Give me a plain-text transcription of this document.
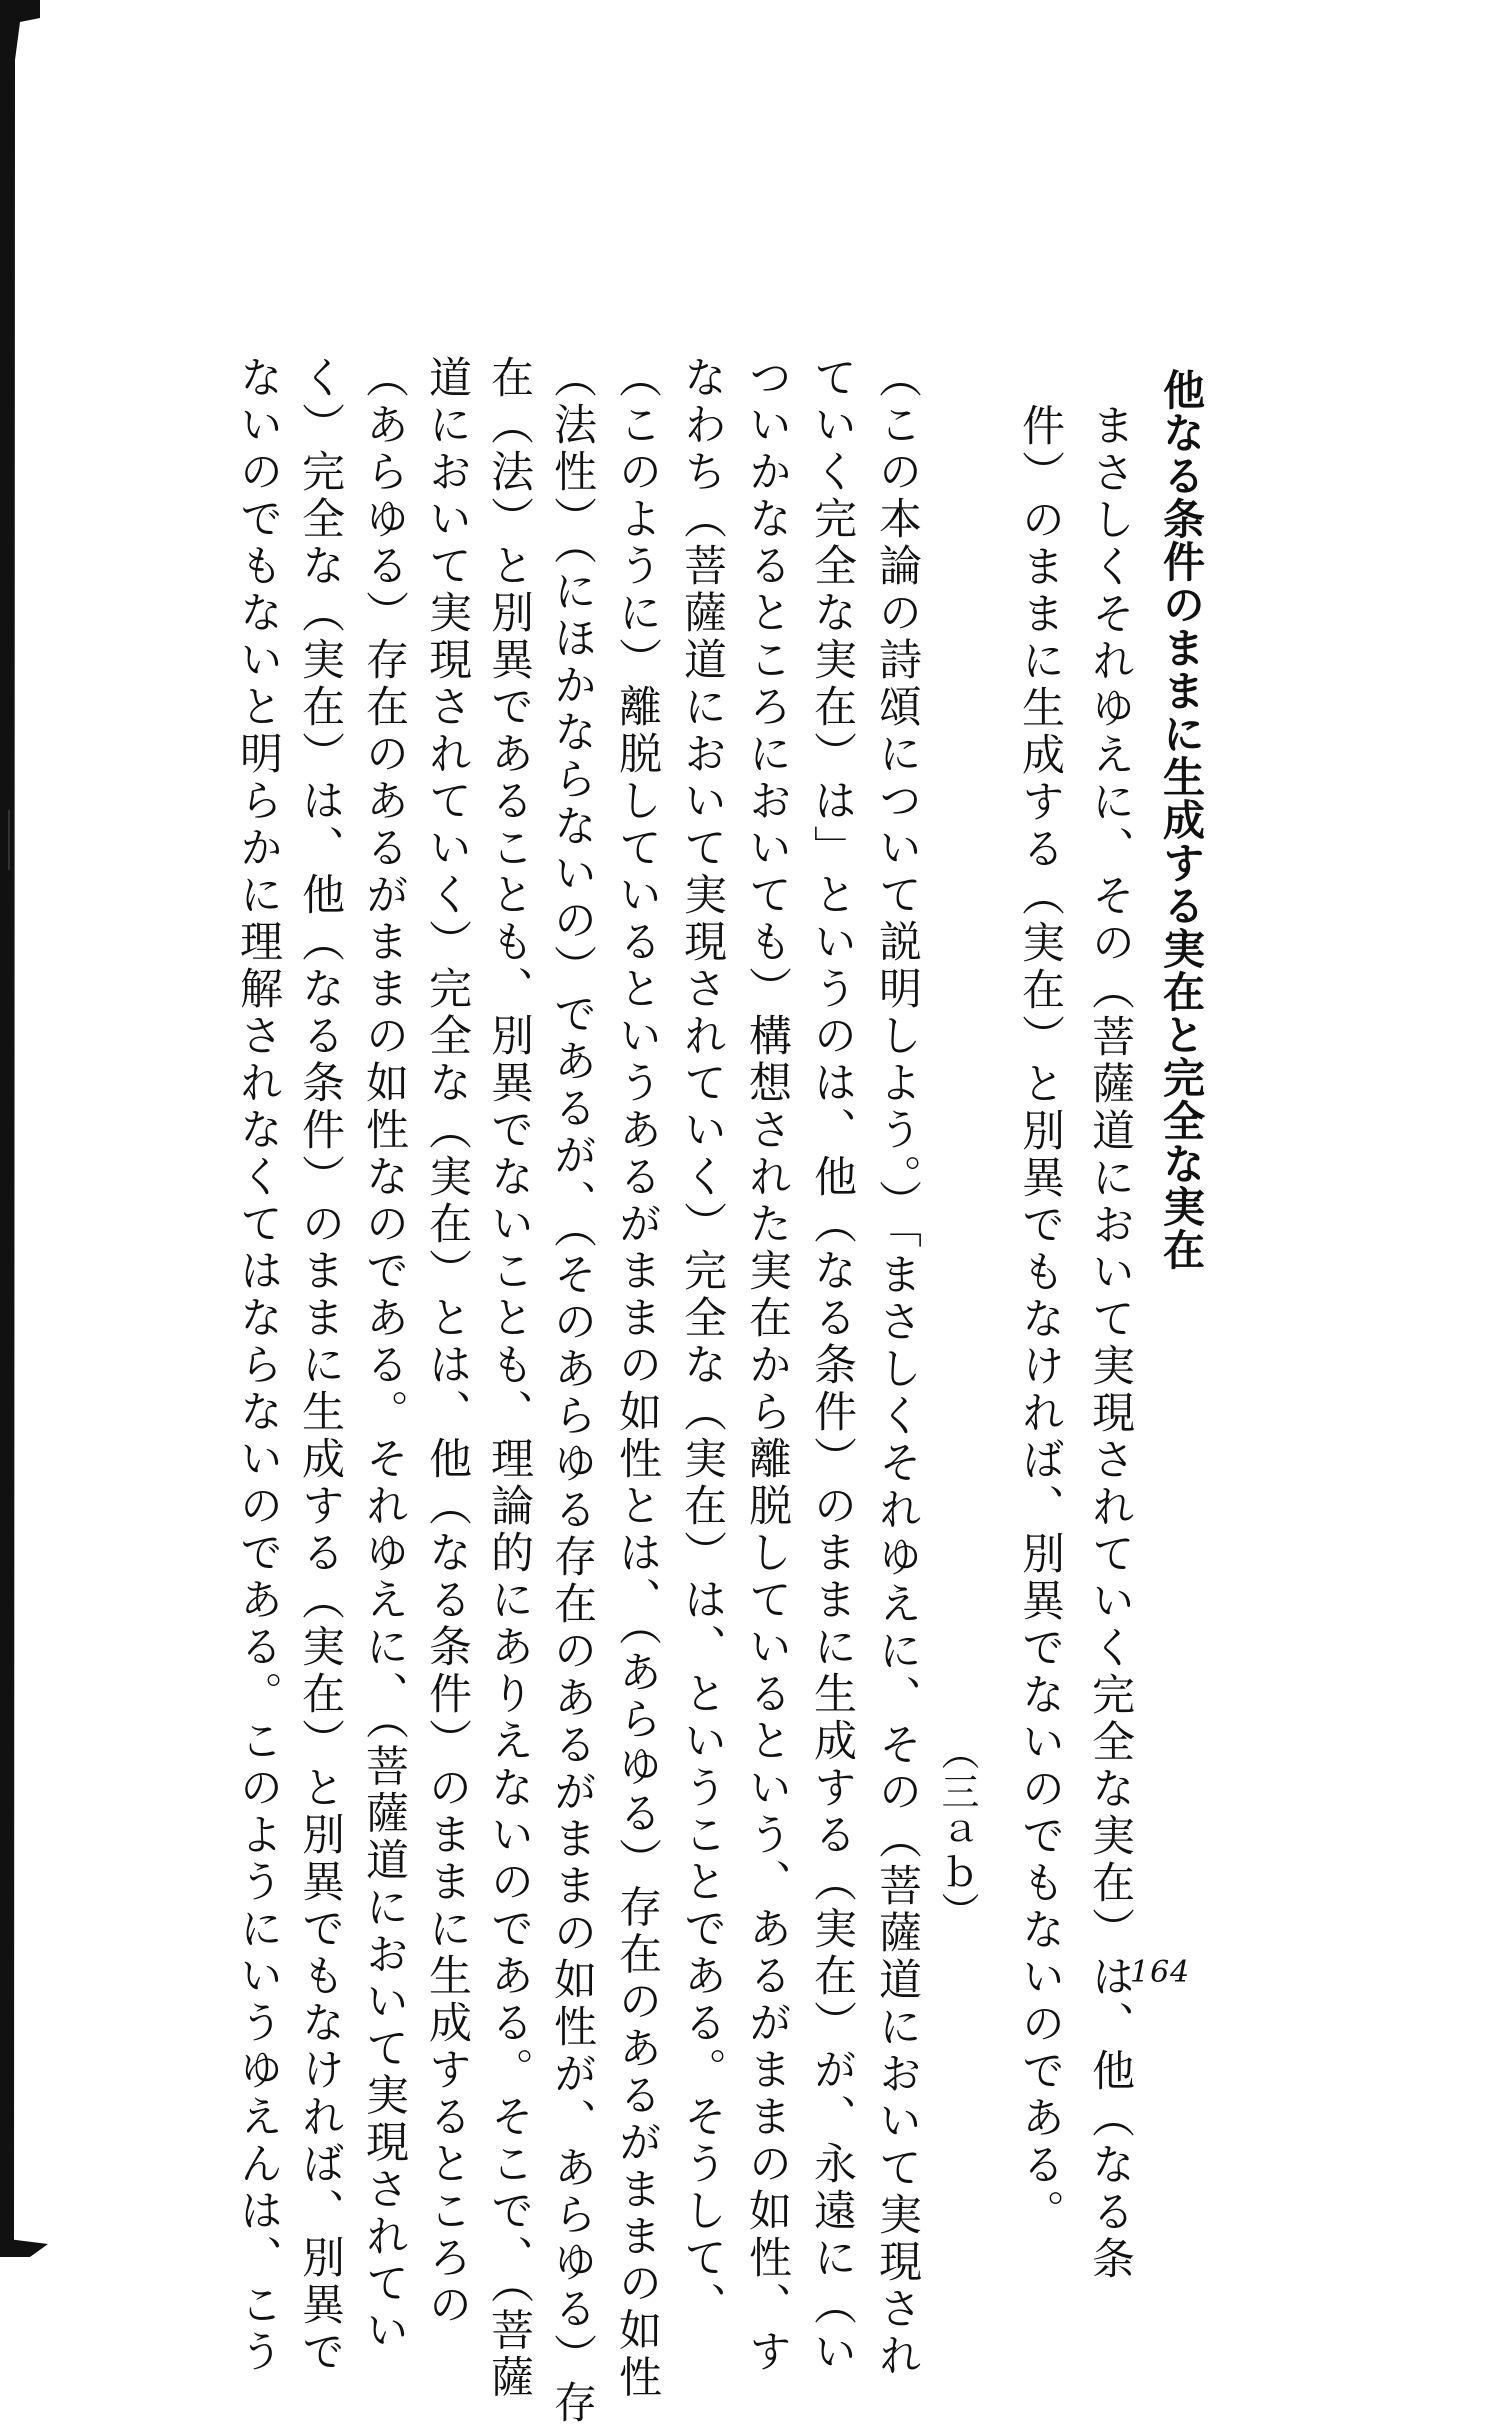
他なる条件のままに生成する実在と完全な実在
まさしくそれゆえに、その（菩薩道において実現されていく完全な実在）は、他（なる条
件）のままに生成する（実在）と別異でもなければ、別異でないのでもないのである。
（三ａｂ）
（この本論の詩頌について説明しよう。）「まさしくそれゆえに、その（菩薩道において実現され
ていく完全な実在）は」というのは、他（なる条件）のままに生成する（実在）が、永遠に（い
ついかなるところにおいても）構想された実在から離脱しているという、あるがままの如性、す
なわち（菩薩道において実現されていく）完全な（実在）は、ということである。そうして、
（このように）離脱しているというあるがままの如性とは、（あらゆる）存在のあるがままの如性
（法性）（にほかならないの）であるが、（そのあらゆる存在のあるがままの如性が、あらゆる）存
在（法）と別異であることも、別異でないことも、理論的にありえないのである。そこで、（菩薩
道において実現されていく）完全な（実在）とは、他（なる条件）のままに生成するところの
（あらゆる）存在のあるがままの如性なのである。それゆえに、（菩薩道において実現されてい
く）完全な（実在）は、他（なる条件）のままに生成する（実在）と別異でもなければ、別異で
ないのでもないと明らかに理解されなくてはならないのである。このようにいうゆえんは、こう	164
